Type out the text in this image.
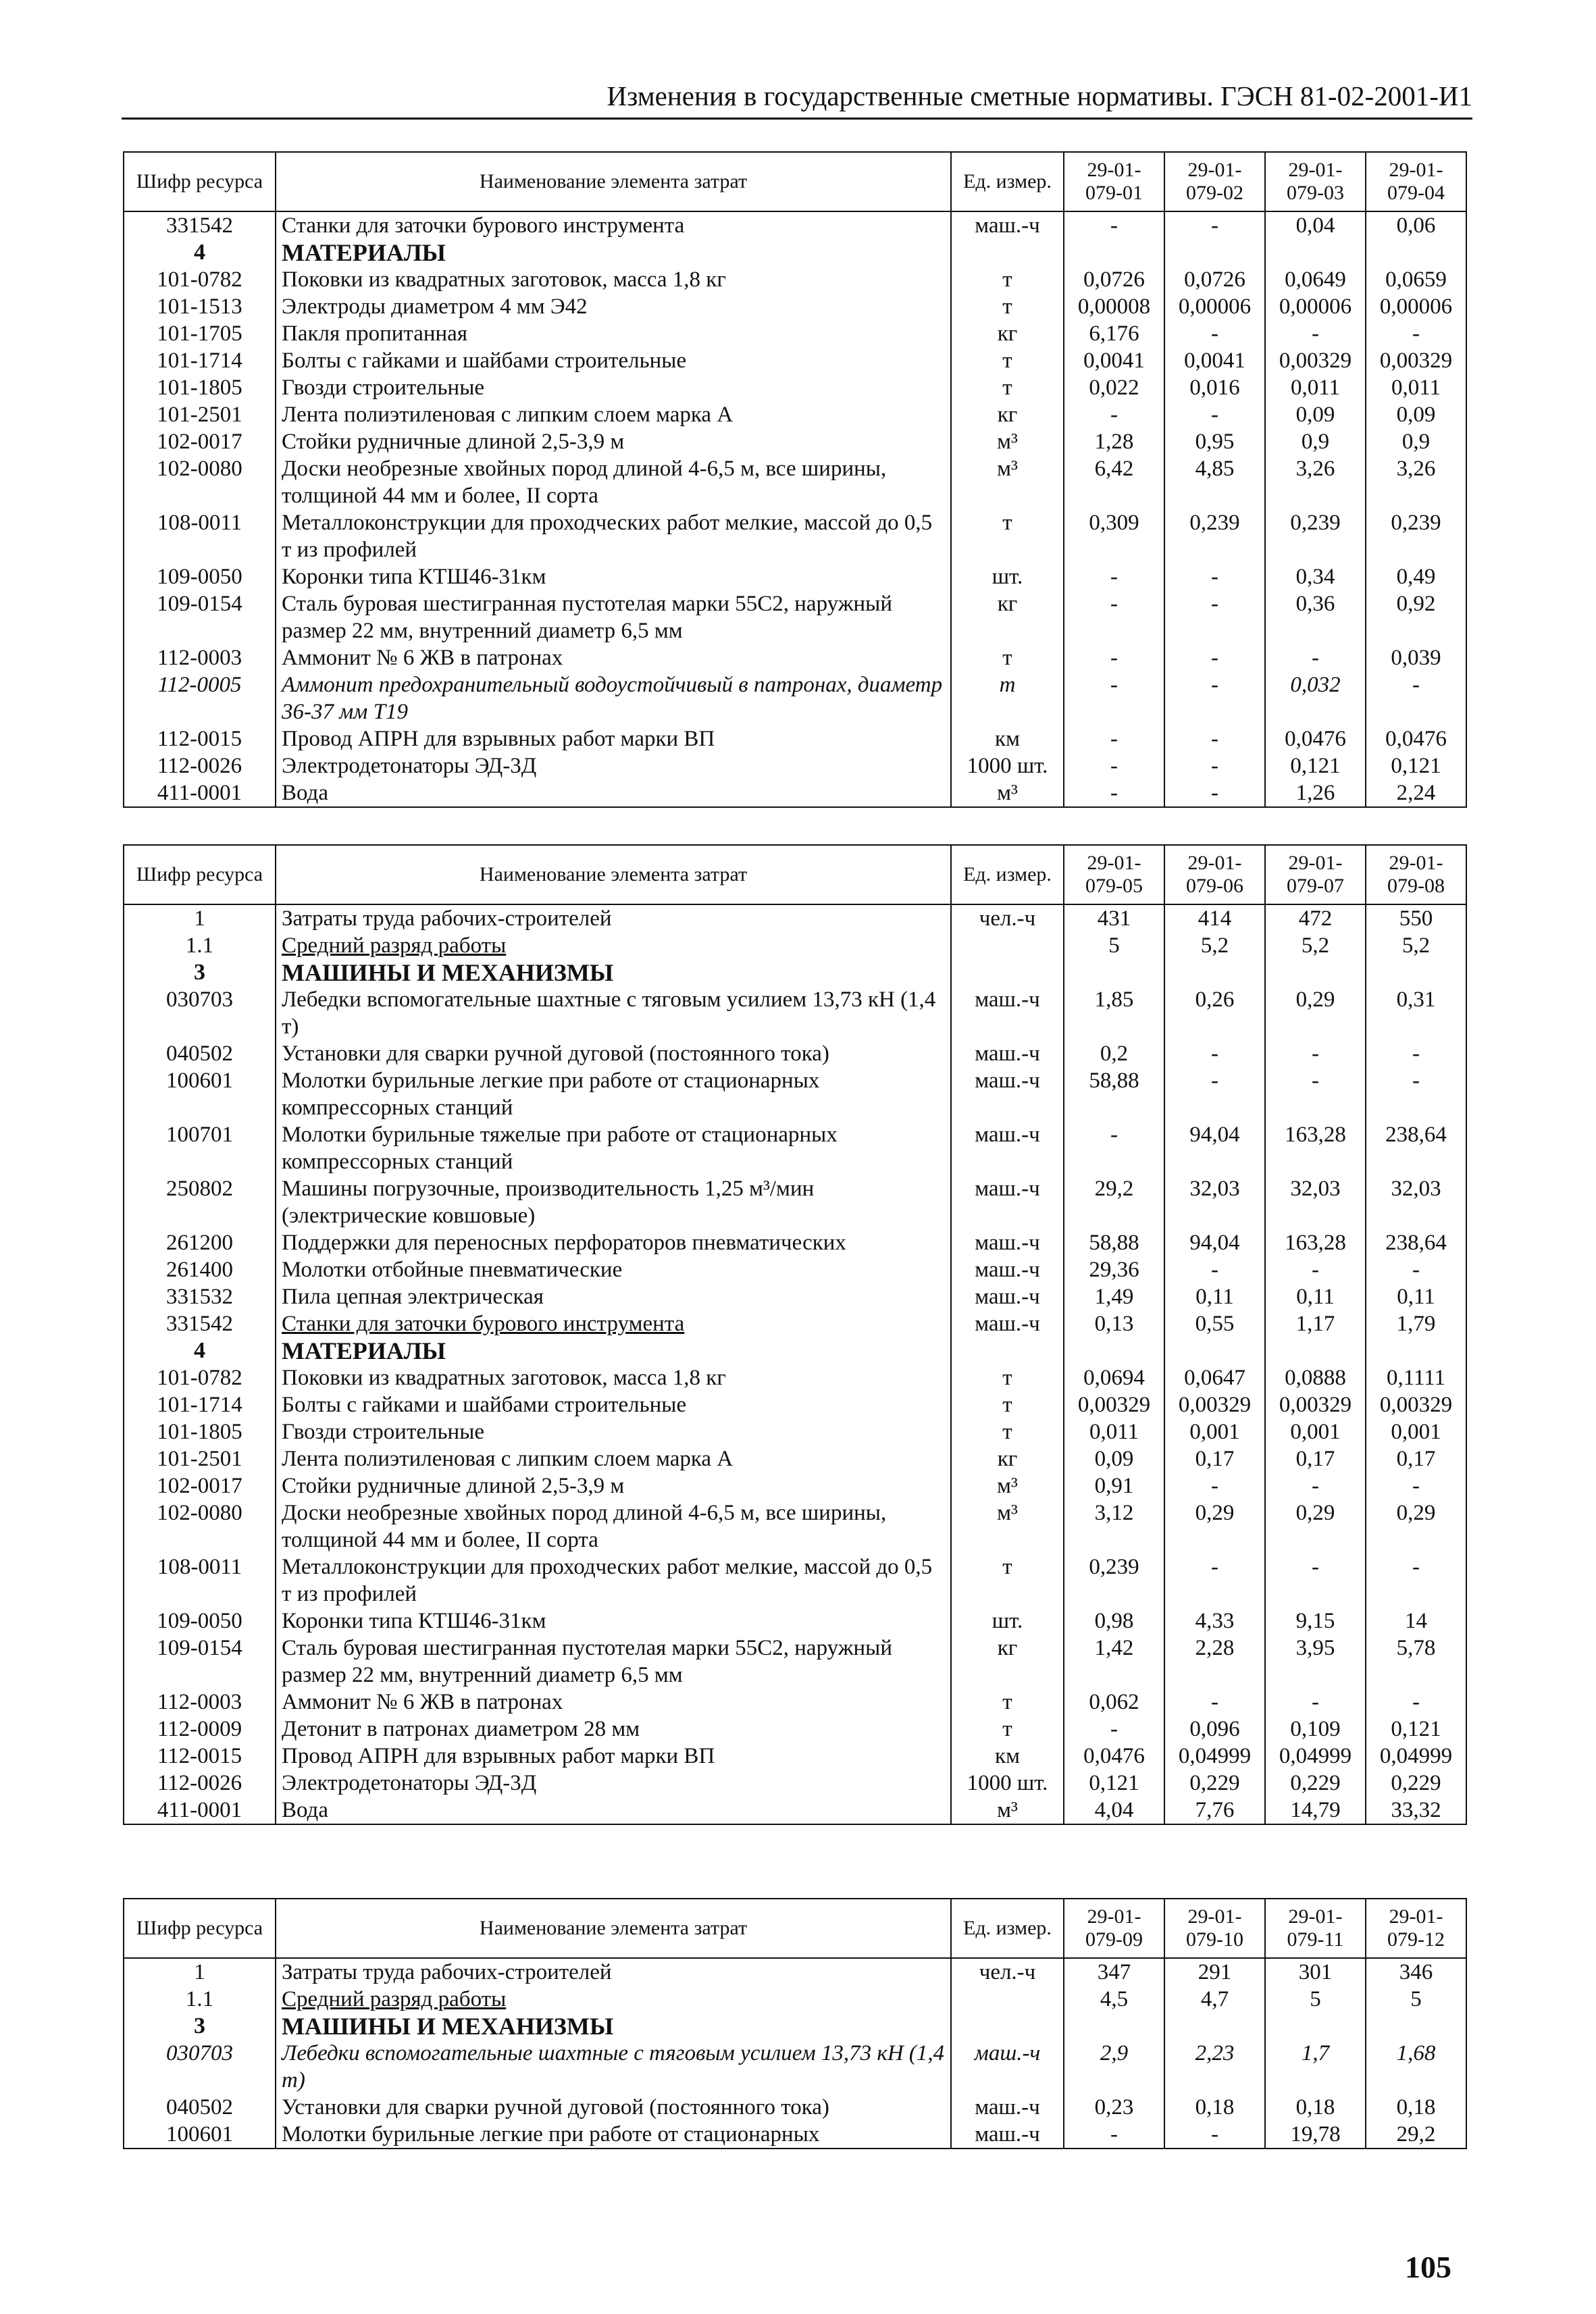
Изменения в государственные сметные нормативы. ГЭСН 81-02-2001-И1
Шифр ресурса	Наименование элемента затрат	Ед. измер.	29-01-079-01	29-01-079-02	29-01-079-03	29-01-079-04
331542	Станки для заточки бурового инструмента	маш.-ч	-	-	0,04	0,06
4	МАТЕРИАЛЫ					
101-0782	Поковки из квадратных заготовок, масса 1,8 кг	т	0,0726	0,0726	0,0649	0,0659
101-1513	Электроды диаметром 4 мм Э42	т	0,00008	0,00006	0,00006	0,00006
101-1705	Пакля пропитанная	кг	6,176	-	-	-
101-1714	Болты с гайками и шайбами строительные	т	0,0041	0,0041	0,00329	0,00329
101-1805	Гвозди строительные	т	0,022	0,016	0,011	0,011
101-2501	Лента полиэтиленовая с липким слоем марка А	кг	-	-	0,09	0,09
102-0017	Стойки рудничные длиной 2,5-3,9 м	м³	1,28	0,95	0,9	0,9
102-0080	Доски необрезные хвойных пород длиной 4-6,5 м, все ширины, толщиной 44 мм и более, II сорта	м³	6,42	4,85	3,26	3,26
108-0011	Металлоконструкции для проходческих работ мелкие, массой до 0,5 т из профилей	т	0,309	0,239	0,239	0,239
109-0050	Коронки типа КТШ46-31км	шт.	-	-	0,34	0,49
109-0154	Сталь буровая шестигранная пустотелая марки 55С2, наружный размер 22 мм, внутренний диаметр 6,5 мм	кг	-	-	0,36	0,92
112-0003	Аммонит № 6 ЖВ в патронах	т	-	-	-	0,039
112-0005	Аммонит предохранительный водоустойчивый в патронах, диаметр 36-37 мм Т19	т	-	-	0,032	-
112-0015	Провод АПРН для взрывных работ марки ВП	км	-	-	0,0476	0,0476
112-0026	Электродетонаторы ЭД-3Д	1000 шт.	-	-	0,121	0,121
411-0001	Вода	м³	-	-	1,26	2,24
Шифр ресурса	Наименование элемента затрат	Ед. измер.	29-01-079-05	29-01-079-06	29-01-079-07	29-01-079-08
1	Затраты труда рабочих-строителей	чел.-ч	431	414	472	550
1.1	Средний разряд работы		5	5,2	5,2	5,2
3	МАШИНЫ И МЕХАНИЗМЫ					
030703	Лебедки вспомогательные шахтные с тяговым усилием 13,73 кН (1,4 т)	маш.-ч	1,85	0,26	0,29	0,31
040502	Установки для сварки ручной дуговой (постоянного тока)	маш.-ч	0,2	-	-	-
100601	Молотки бурильные легкие при работе от стационарных компрессорных станций	маш.-ч	58,88	-	-	-
100701	Молотки бурильные тяжелые при работе от стационарных компрессорных станций	маш.-ч	-	94,04	163,28	238,64
250802	Машины погрузочные, производительность 1,25 м³/мин (электрические ковшовые)	маш.-ч	29,2	32,03	32,03	32,03
261200	Поддержки для переносных перфораторов пневматических	маш.-ч	58,88	94,04	163,28	238,64
261400	Молотки отбойные пневматические	маш.-ч	29,36	-	-	-
331532	Пила цепная электрическая	маш.-ч	1,49	0,11	0,11	0,11
331542	Станки для заточки бурового инструмента	маш.-ч	0,13	0,55	1,17	1,79
4	МАТЕРИАЛЫ					
101-0782	Поковки из квадратных заготовок, масса 1,8 кг	т	0,0694	0,0647	0,0888	0,1111
101-1714	Болты с гайками и шайбами строительные	т	0,00329	0,00329	0,00329	0,00329
101-1805	Гвозди строительные	т	0,011	0,001	0,001	0,001
101-2501	Лента полиэтиленовая с липким слоем марка А	кг	0,09	0,17	0,17	0,17
102-0017	Стойки рудничные длиной 2,5-3,9 м	м³	0,91	-	-	-
102-0080	Доски необрезные хвойных пород длиной 4-6,5 м, все ширины, толщиной 44 мм и более, II сорта	м³	3,12	0,29	0,29	0,29
108-0011	Металлоконструкции для проходческих работ мелкие, массой до 0,5 т из профилей	т	0,239	-	-	-
109-0050	Коронки типа КТШ46-31км	шт.	0,98	4,33	9,15	14
109-0154	Сталь буровая шестигранная пустотелая марки 55С2, наружный размер 22 мм, внутренний диаметр 6,5 мм	кг	1,42	2,28	3,95	5,78
112-0003	Аммонит № 6 ЖВ в патронах	т	0,062	-	-	-
112-0009	Детонит в патронах диаметром 28 мм	т	-	0,096	0,109	0,121
112-0015	Провод АПРН для взрывных работ марки ВП	км	0,0476	0,04999	0,04999	0,04999
112-0026	Электродетонаторы ЭД-3Д	1000 шт.	0,121	0,229	0,229	0,229
411-0001	Вода	м³	4,04	7,76	14,79	33,32
Шифр ресурса	Наименование элемента затрат	Ед. измер.	29-01-079-09	29-01-079-10	29-01-079-11	29-01-079-12
1	Затраты труда рабочих-строителей	чел.-ч	347	291	301	346
1.1	Средний разряд работы		4,5	4,7	5	5
3	МАШИНЫ И МЕХАНИЗМЫ					
030703	Лебедки вспомогательные шахтные с тяговым усилием 13,73 кН (1,4 т)	маш.-ч	2,9	2,23	1,7	1,68
040502	Установки для сварки ручной дуговой (постоянного тока)	маш.-ч	0,23	0,18	0,18	0,18
100601	Молотки бурильные легкие при работе от стационарных	маш.-ч	-	-	19,78	29,2
105
